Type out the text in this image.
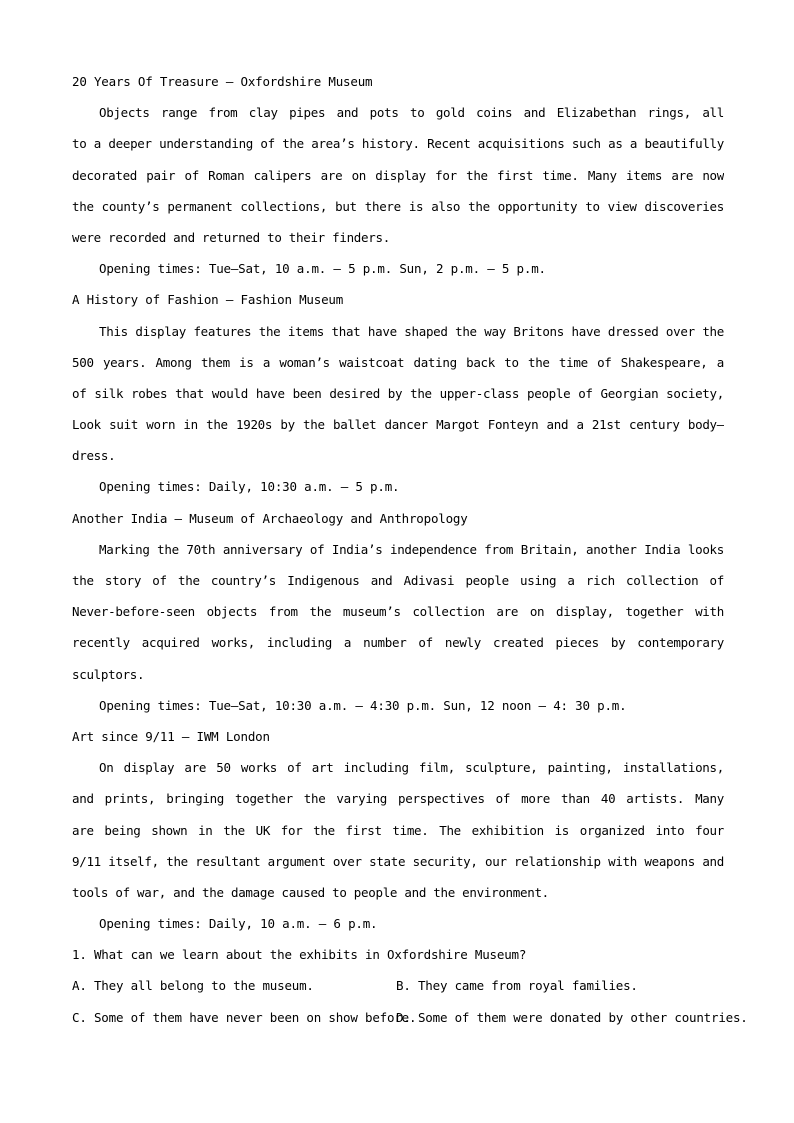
20 Years Of Treasure — Oxfordshire Museum
Objects range from clay pipes and pots to gold coins and Elizabethan rings, all
to a deeper understanding of the area’s history. Recent acquisitions such as a beautifully
decorated pair of Roman calipers are on display for the first time. Many items are now
the county’s permanent collections, but there is also the opportunity to view discoveries
were recorded and returned to their finders.
Opening times: Tue—Sat, 10 a.m. — 5 p.m. Sun, 2 p.m. — 5 p.m.
A History of Fashion — Fashion Museum
This display features the items that have shaped the way Britons have dressed over the
500 years. Among them is a woman’s waistcoat dating back to the time of Shakespeare, a
of silk robes that would have been desired by the upper-class people of Georgian society,
Look suit worn in the 1920s by the ballet dancer Margot Fonteyn and a 21st century body—
dress.
Opening times: Daily, 10:30 a.m. — 5 p.m.
Another India — Museum of Archaeology and Anthropology
Marking the 70th anniversary of India’s independence from Britain, another India looks
the story of the country’s Indigenous and Adivasi people using a rich collection of
Never-before-seen objects from the museum’s collection are on display, together with
recently acquired works, including a number of newly created pieces by contemporary
sculptors.
Opening times: Tue—Sat, 10:30 a.m. — 4:30 p.m. Sun, 12 noon — 4: 30 p.m.
Art since 9/11 — IWM London
On display are 50 works of art including film, sculpture, painting, installations,
and prints, bringing together the varying perspectives of more than 40 artists. Many
are being shown in the UK for the first time. The exhibition is organized into four
9/11 itself, the resultant argument over state security, our relationship with weapons and
tools of war, and the damage caused to people and the environment.
Opening times: Daily, 10 a.m. — 6 p.m.
1. What can we learn about the exhibits in Oxfordshire Museum?
A. They all belong to the museum.	B. They came from royal families.
C. Some of them have never been on show before.
D. Some of them were donated by other countries.
